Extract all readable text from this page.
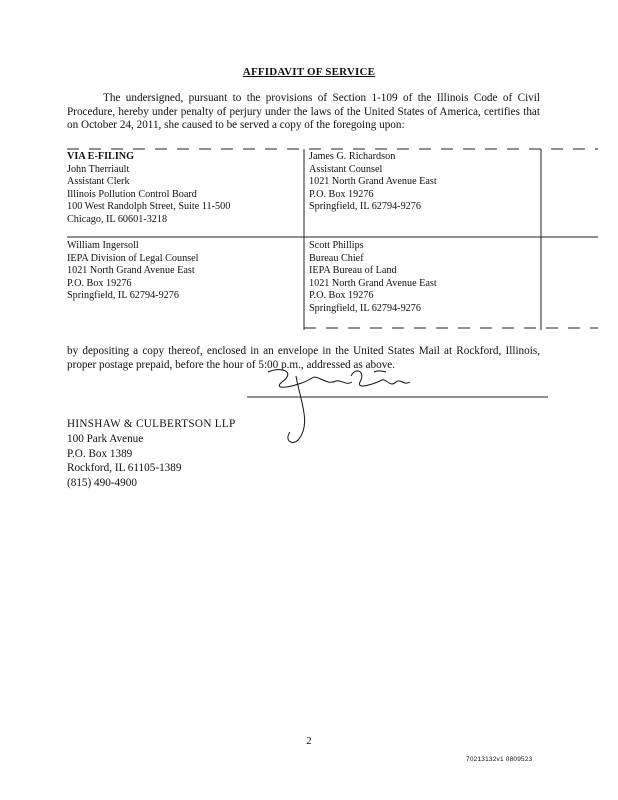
AFFIDAVIT OF SERVICE
The undersigned, pursuant to the provisions of Section 1-109 of the Illinois Code of Civil Procedure, hereby under penalty of perjury under the laws of the United States of America, certifies that on October 24, 2011, she caused to be served a copy of the foregoing upon:
VIA E-FILING
John Therriault
Assistant Clerk
Illinois Pollution Control Board
100 West Randolph Street, Suite 11-500
Chicago, IL 60601-3218
James G. Richardson
Assistant Counsel
1021 North Grand Avenue East
P.O. Box 19276
Springfield, IL 62794-9276
William Ingersoll
IEPA Division of Legal Counsel
1021 North Grand Avenue East
P.O. Box 19276
Springfield, IL 62794-9276
Scott Phillips
Bureau Chief
IEPA Bureau of Land
1021 North Grand Avenue East
P.O. Box 19276
Springfield, IL 62794-9276
by depositing a copy thereof, enclosed in an envelope in the United States Mail at Rockford, Illinois, proper postage prepaid, before the hour of 5:00 p.m., addressed as above.
HINSHAW & CULBERTSON LLP
100 Park Avenue
P.O. Box 1389
Rockford, IL 61105-1389
(815) 490-4900
2
70213132v1 0809523
